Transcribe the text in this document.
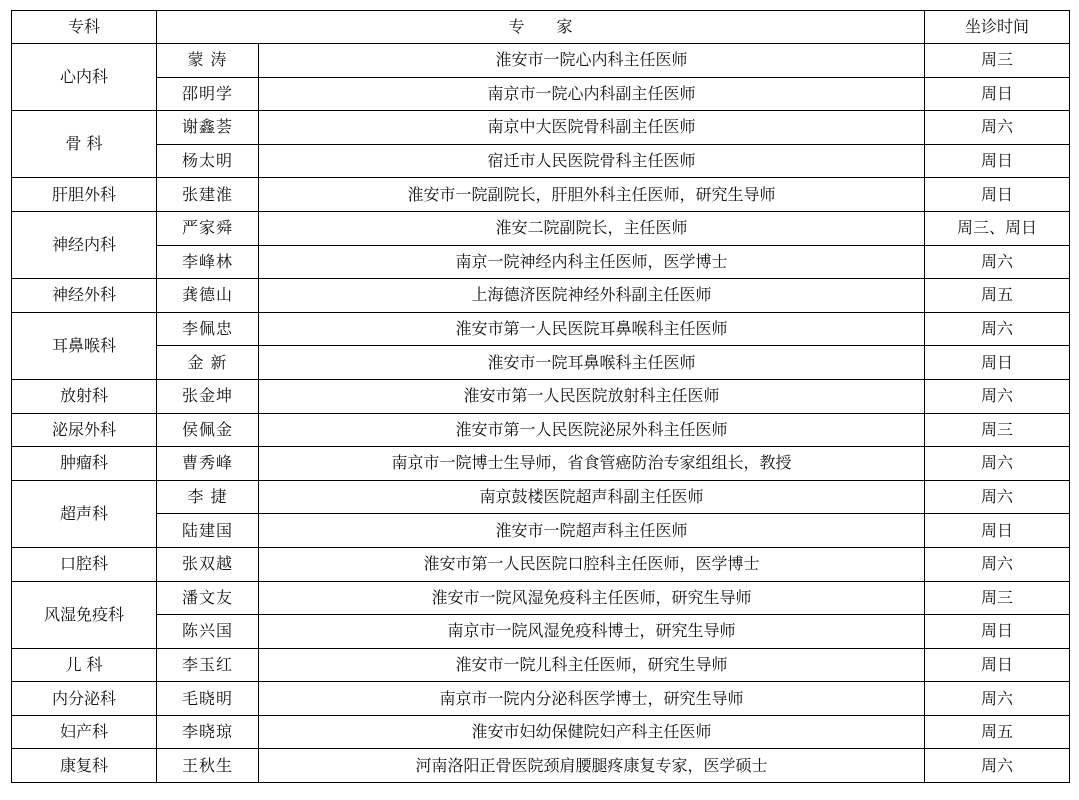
专科	专　　家		坐诊时间
心内科	蒙 涛	淮安市一院心内科主任医师	周三
	邵明学	南京市一院心内科副主任医师	周日
骨 科	谢鑫荟	南京中大医院骨科副主任医师	周六
	杨太明	宿迁市人民医院骨科主任医师	周日
肝胆外科	张建淮	淮安市一院副院长，肝胆外科主任医师，研究生导师	周日
神经内科	严家舜	淮安二院副院长，主任医师	周三、周日
	李峰林	南京一院神经内科主任医师，医学博士	周六
神经外科	龚德山	上海德济医院神经外科副主任医师	周五
耳鼻喉科	李佩忠	淮安市第一人民医院耳鼻喉科主任医师	周六
	金 新	淮安市一院耳鼻喉科主任医师	周日
放射科	张金坤	淮安市第一人民医院放射科主任医师	周六
泌尿外科	侯佩金	淮安市第一人民医院泌尿外科主任医师	周三
肿瘤科	曹秀峰	南京市一院博士生导师，省食管癌防治专家组组长，教授	周六
超声科	李 捷	南京鼓楼医院超声科副主任医师	周六
	陆建国	淮安市一院超声科主任医师	周日
口腔科	张双越	淮安市第一人民医院口腔科主任医师，医学博士	周六
风湿免疫科	潘文友	淮安市一院风湿免疫科主任医师，研究生导师	周三
	陈兴国	南京市一院风湿免疫科博士，研究生导师	周日
儿 科	李玉红	淮安市一院儿科主任医师，研究生导师	周日
内分泌科	毛晓明	南京市一院内分泌科医学博士，研究生导师	周六
妇产科	李晓琼	淮安市妇幼保健院妇产科主任医师	周五
康复科	王秋生	河南洛阳正骨医院颈肩腰腿疼康复专家，医学硕士	周六
